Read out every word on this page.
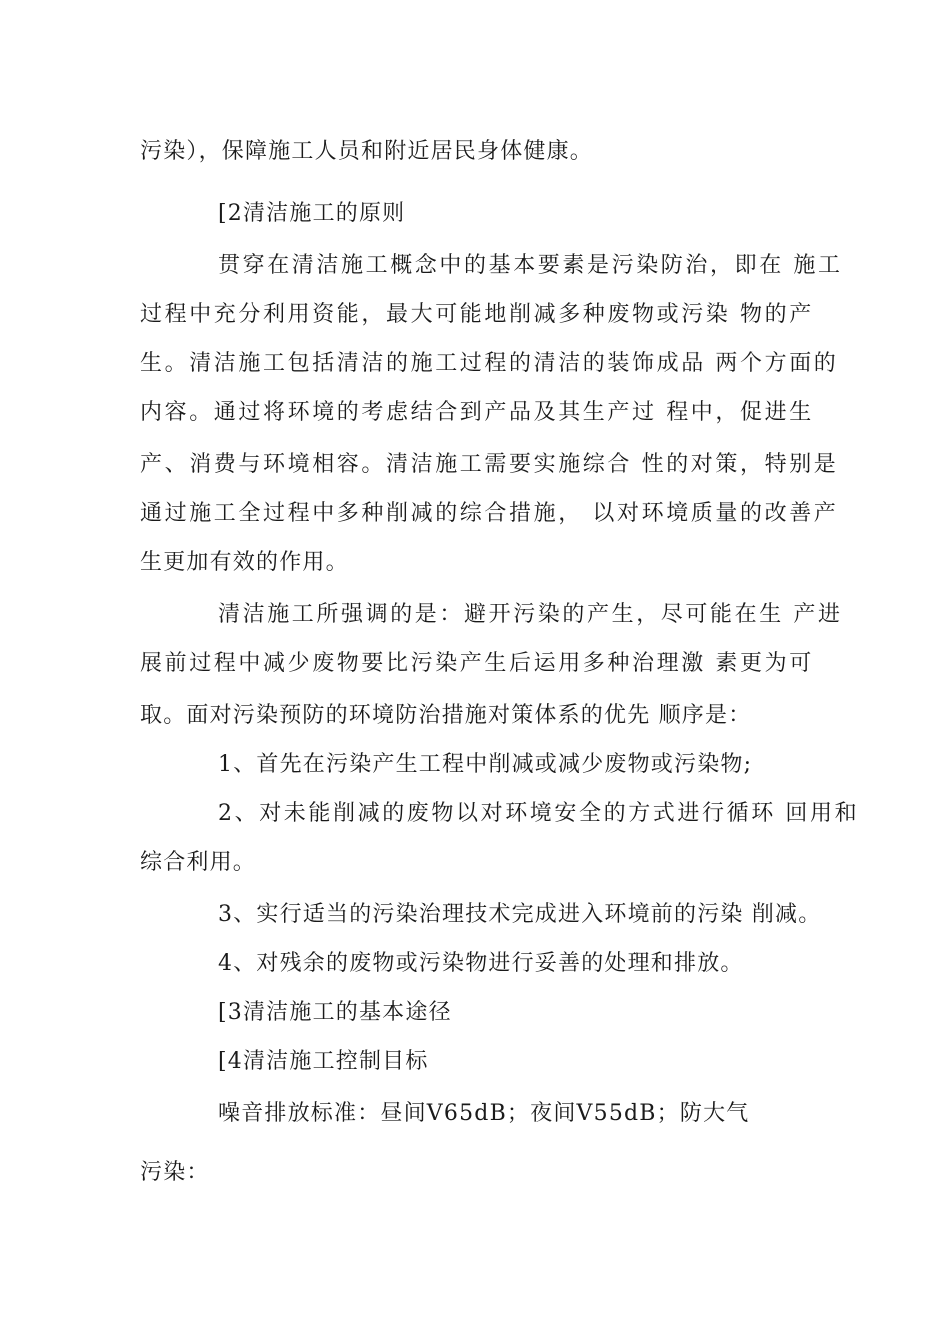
污染），保障施工人员和附近居民身体健康。
[2清洁施工的原则
贯穿在清洁施工概念中的基本要素是污染防治，即在 施工
过程中充分利用资能，最大可能地削减多种废物或污染 物的产
生。清洁施工包括清洁的施工过程的清洁的装饰成品 两个方面的
内容。通过将环境的考虑结合到产品及其生产过 程中，促进生
产、消费与环境相容。清洁施工需要实施综合 性的对策，特别是
通过施工全过程中多种削减的综合措施， 以对环境质量的改善产
生更加有效的作用。
清洁施工所强调的是：避开污染的产生，尽可能在生 产进
展前过程中减少废物要比污染产生后运用多种治理激 素更为可
取。面对污染预防的环境防治措施对策体系的优先 顺序是：
1、首先在污染产生工程中削减或减少废物或污染物;
2、对未能削减的废物以对环境安全的方式进行循环 回用和
综合利用。
3、实行适当的污染治理技术完成进入环境前的污染 削减。
4、对残余的废物或污染物进行妥善的处理和排放。
[3清洁施工的基本途径
[4清洁施工控制目标
噪音排放标准：昼间V65dB；夜间V55dB；防大气
污染：
